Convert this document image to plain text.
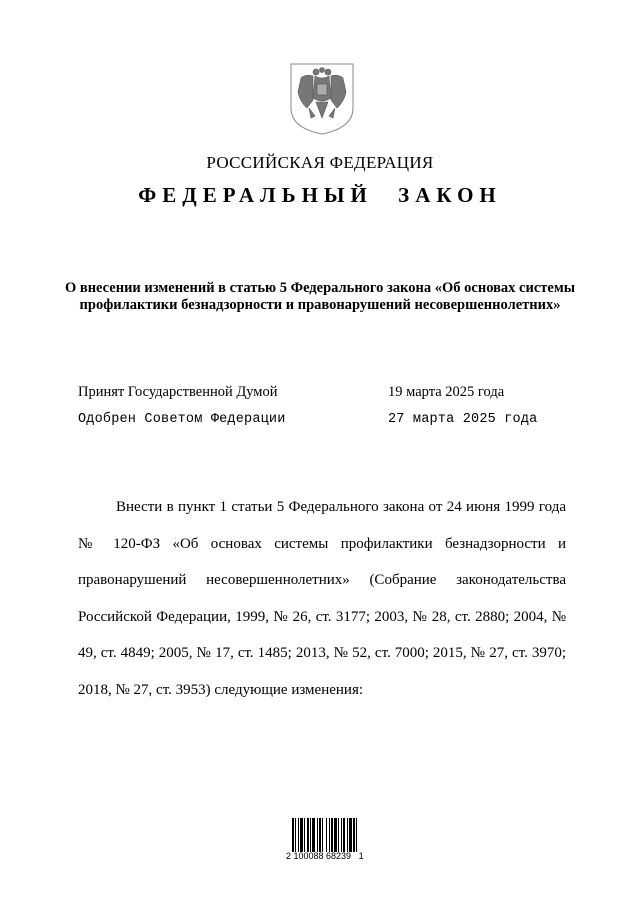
РОССИЙСКАЯ ФЕДЕРАЦИЯ
ФЕДЕРАЛЬНЫЙ ЗАКОН
О внесении изменений в статью 5 Федерального закона «Об основах системы профилактики безнадзорности и правонарушений несовершеннолетних»
Принят Государственной Думой	19 марта 2025 года
Одобрен Советом Федерации	27 марта 2025 года
Внести в пункт 1 статьи 5 Федерального закона от 24 июня 1999 года № 120-ФЗ «Об основах системы профилактики безнадзорности и правонарушений несовершеннолетних» (Собрание законодательства Российской Федерации, 1999, № 26, ст. 3177; 2003, № 28, ст. 2880; 2004, № 49, ст. 4849; 2005, № 17, ст. 1485; 2013, № 52, ст. 7000; 2015, № 27, ст. 3970; 2018, № 27, ст. 3953) следующие изменения:
2 100088 68239   1
